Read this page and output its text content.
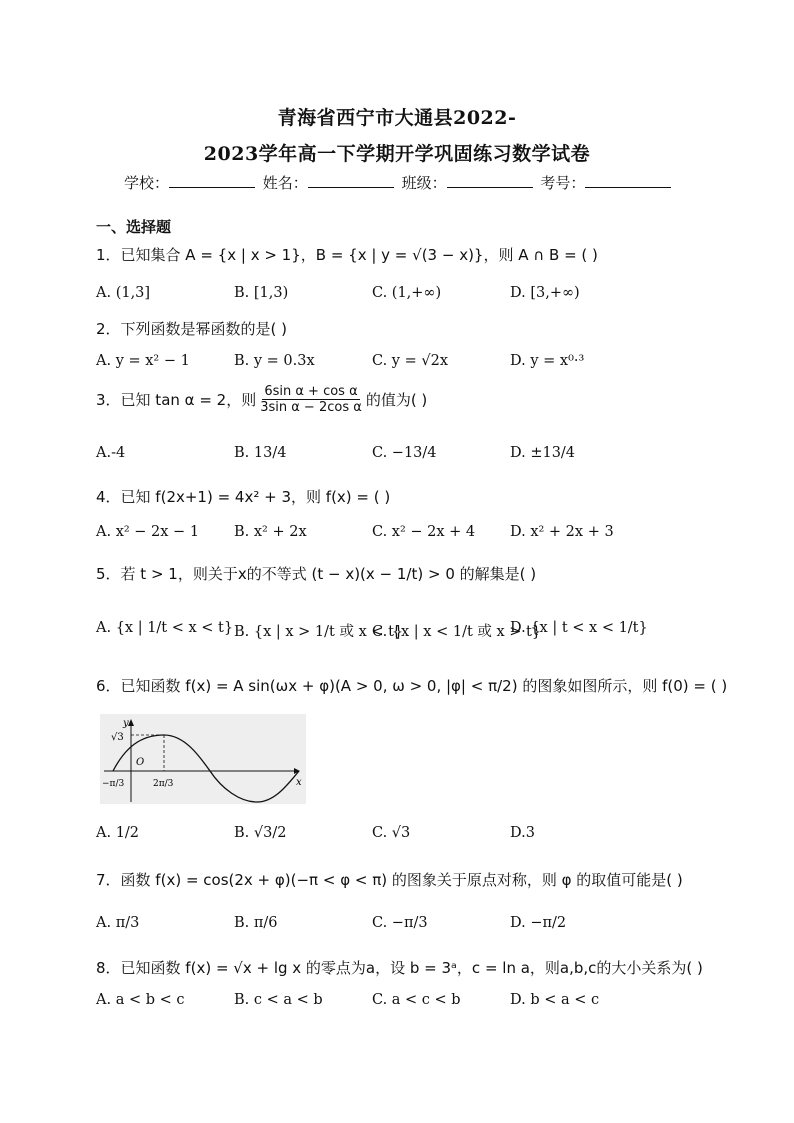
青海省西宁市大通县2022-
2023学年高一下学期开学巩固练习数学试卷
学校：	姓名：	班级：	考号：
一、选择题
1．已知集合 A = {x | x > 1}，B = {x | y = √(3 − x)}，则 A ∩ B = ( )
A. (1,3]	B. [1,3)	C. (1,+∞)	D. [3,+∞)
2．下列函数是幂函数的是( )
A. y = x² − 1	B. y = 0.3x	C. y = √2x	D. y = x⁰·³
3．已知 tan α = 2，则 $\frac{\text{6sin α + cos α}}{\text{3sin α − 2cos α}}$ 的值为( )
A.-4	B. 13/4	C. −13/4	D. ±13/4
4．已知 f(2x+1) = 4x² + 3，则 f(x) = ( )
A. x² − 2x − 1 B. x² + 2x	C. x² − 2x + 4 D. x² + 2x + 3
5．若 t > 1，则关于x的不等式 (t − x)(x − 1/t) > 0 的解集是( )
A. {x | 1/t < x < t} B. {x | x > 1/t 或 x < t}
C. {x | x < 1/t 或 x > t}
D. {x | t < x < 1/t}
6．已知函数 f(x) = A sin(ωx + φ)(A > 0, ω > 0, |φ| < π/2) 的图象如图所示，则 f(0) = ( )
y
x
O
√3
−π/3	2π/3
A. 1/2	B. √3/2	C. √3	D.3
7．函数 f(x) = cos(2x + φ)(−π < φ < π) 的图象关于原点对称，则 φ 的取值可能是( )
A. π/3	B. π/6	C. −π/3	D. −π/2
8．已知函数 f(x) = √x + lg x 的零点为a，设 b = 3ᵃ，c = ln a，则a,b,c的大小关系为( )
A. a < b < c	B. c < a < b	C. a < c < b	D. b < a < c
